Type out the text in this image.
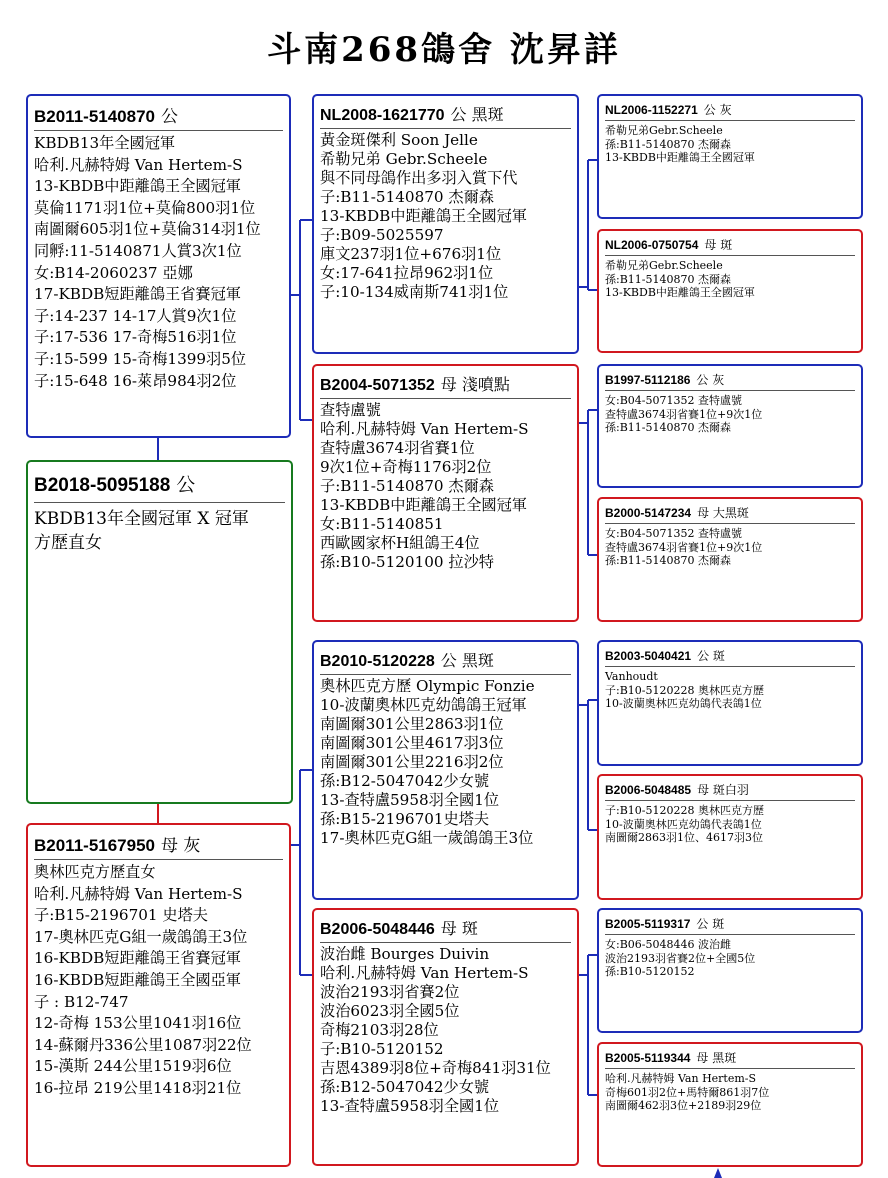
斗南268鴿舍 沈昇詳
B2011-5140870 公
KBDB13年全國冠軍
哈利.凡赫特姆 Van Hertem-S
13-KBDB中距離鴿王全國冠軍
莫倫1171羽1位+莫倫800羽1位
南圖爾605羽1位+莫倫314羽1位
同孵:11-5140871人賞3次1位
女:B14-2060237 亞娜
17-KBDB短距離鴿王省賽冠軍
子:14-237 14-17人賞9次1位
子:17-536 17-奇梅516羽1位
子:15-599 15-奇梅1399羽5位
子:15-648 16-萊昂984羽2位
B2018-5095188 公
KBDB13年全國冠軍 X 冠軍
方歷直女
B2011-5167950 母 灰
奧林匹克方歷直女
哈利.凡赫特姆 Van Hertem-S
子:B15-2196701 史塔夫
17-奧林匹克G組一歲鴿鴿王3位
16-KBDB短距離鴿王省賽冠軍
16-KBDB短距離鴿王全國亞軍
子 : B12-747
12-奇梅 153公里1041羽16位
14-蘇爾丹336公里1087羽22位
15-漢斯 244公里1519羽6位
16-拉昂 219公里1418羽21位
NL2008-1621770 公 黑斑
黃金斑傑利 Soon Jelle
希勒兄弟 Gebr.Scheele
與不同母鴿作出多羽入賞下代
子:B11-5140870 杰爾森
13-KBDB中距離鴿王全國冠軍
子:B09-5025597
庫文237羽1位+676羽1位
女:17-641拉昂962羽1位
子:10-134威南斯741羽1位
B2004-5071352 母 淺噴點
查特盧號
哈利.凡赫特姆 Van Hertem-S
查特盧3674羽省賽1位
9次1位+奇梅1176羽2位
子:B11-5140870 杰爾森
13-KBDB中距離鴿王全國冠軍
女:B11-5140851
西歐國家杯H組鴿王4位
孫:B10-5120100 拉沙特
B2010-5120228 公 黑斑
奧林匹克方歷 Olympic Fonzie
10-波蘭奧林匹克幼鴿鴿王冠軍
南圖爾301公里2863羽1位
南圖爾301公里4617羽3位
南圖爾301公里2216羽2位
孫:B12-5047042少女號
13-查特盧5958羽全國1位
孫:B15-2196701史塔夫
17-奧林匹克G組一歲鴿鴿王3位
B2006-5048446 母 斑
波治雌 Bourges Duivin
哈利.凡赫特姆 Van Hertem-S
波治2193羽省賽2位
波治6023羽全國5位
奇梅2103羽28位
子:B10-5120152
吉恩4389羽8位+奇梅841羽31位
孫:B12-5047042少女號
13-查特盧5958羽全國1位
NL2006-1152271 公 灰
希勒兄弟Gebr.Scheele
孫:B11-5140870 杰爾森
13-KBDB中距離鴿王全國冠軍
NL2006-0750754 母 斑
希勒兄弟Gebr.Scheele
孫:B11-5140870 杰爾森
13-KBDB中距離鴿王全國冠軍
B1997-5112186 公 灰
女:B04-5071352 查特盧號
查特盧3674羽省賽1位+9次1位
孫:B11-5140870 杰爾森
B2000-5147234 母 大黑斑
女:B04-5071352 查特盧號
查特盧3674羽省賽1位+9次1位
孫:B11-5140870 杰爾森
B2003-5040421 公 斑
Vanhoudt
子:B10-5120228 奧林匹克方歷
10-波蘭奧林匹克幼鴿代表鴿1位
B2006-5048485 母 斑白羽
子:B10-5120228 奧林匹克方歷
10-波蘭奧林匹克幼鴿代表鴿1位
南圖爾2863羽1位、4617羽3位
B2005-5119317 公 斑
女:B06-5048446 波治雌
波治2193羽省賽2位+全國5位
孫:B10-5120152
B2005-5119344 母 黑斑
哈利.凡赫特姆 Van Hertem-S
奇梅601羽2位+馬特爾861羽7位
南圖爾462羽3位+2189羽29位
